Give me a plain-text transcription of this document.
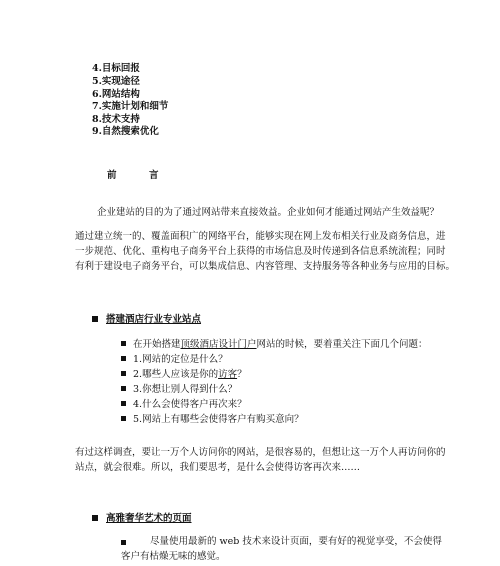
4.目标回报
5.实现途径
6.网站结构
7.实施计划和细节
8.技术支持
9.自然搜索优化
前	言
企业建站的目的为了通过网站带来直接效益。企业如何才能通过网站产生效益呢？
通过建立统一的、覆盖面积广的网络平台，能够实现在网上发布相关行业及商务信息，进
一步规范、优化、重构电子商务平台上获得的市场信息及时传递到各信息系统流程；同时
有利于建设电子商务平台，可以集成信息、内容管理、支持服务等各种业务与应用的目标。
搭建酒店行业专业站点
在开始搭建顶级酒店设计门户网站的时候，要着重关注下面几个问题：
1.网站的定位是什么？
2.哪些人应该是你的访客？
3.你想让别人得到什么？
4.什么会使得客户再次来？
5.网站上有哪些会使得客户有购买意向？
有过这样调查，要让一万个人访问你的网站，是很容易的，但想让这一万个人再访问你的
站点，就会很难。所以，我们要思考，是什么会使得访客再次来……
高雅奢华艺术的页面
尽量使用最新的 web 技术来设计页面，要有好的视觉享受，不会使得
客户有枯燥无味的感觉。
